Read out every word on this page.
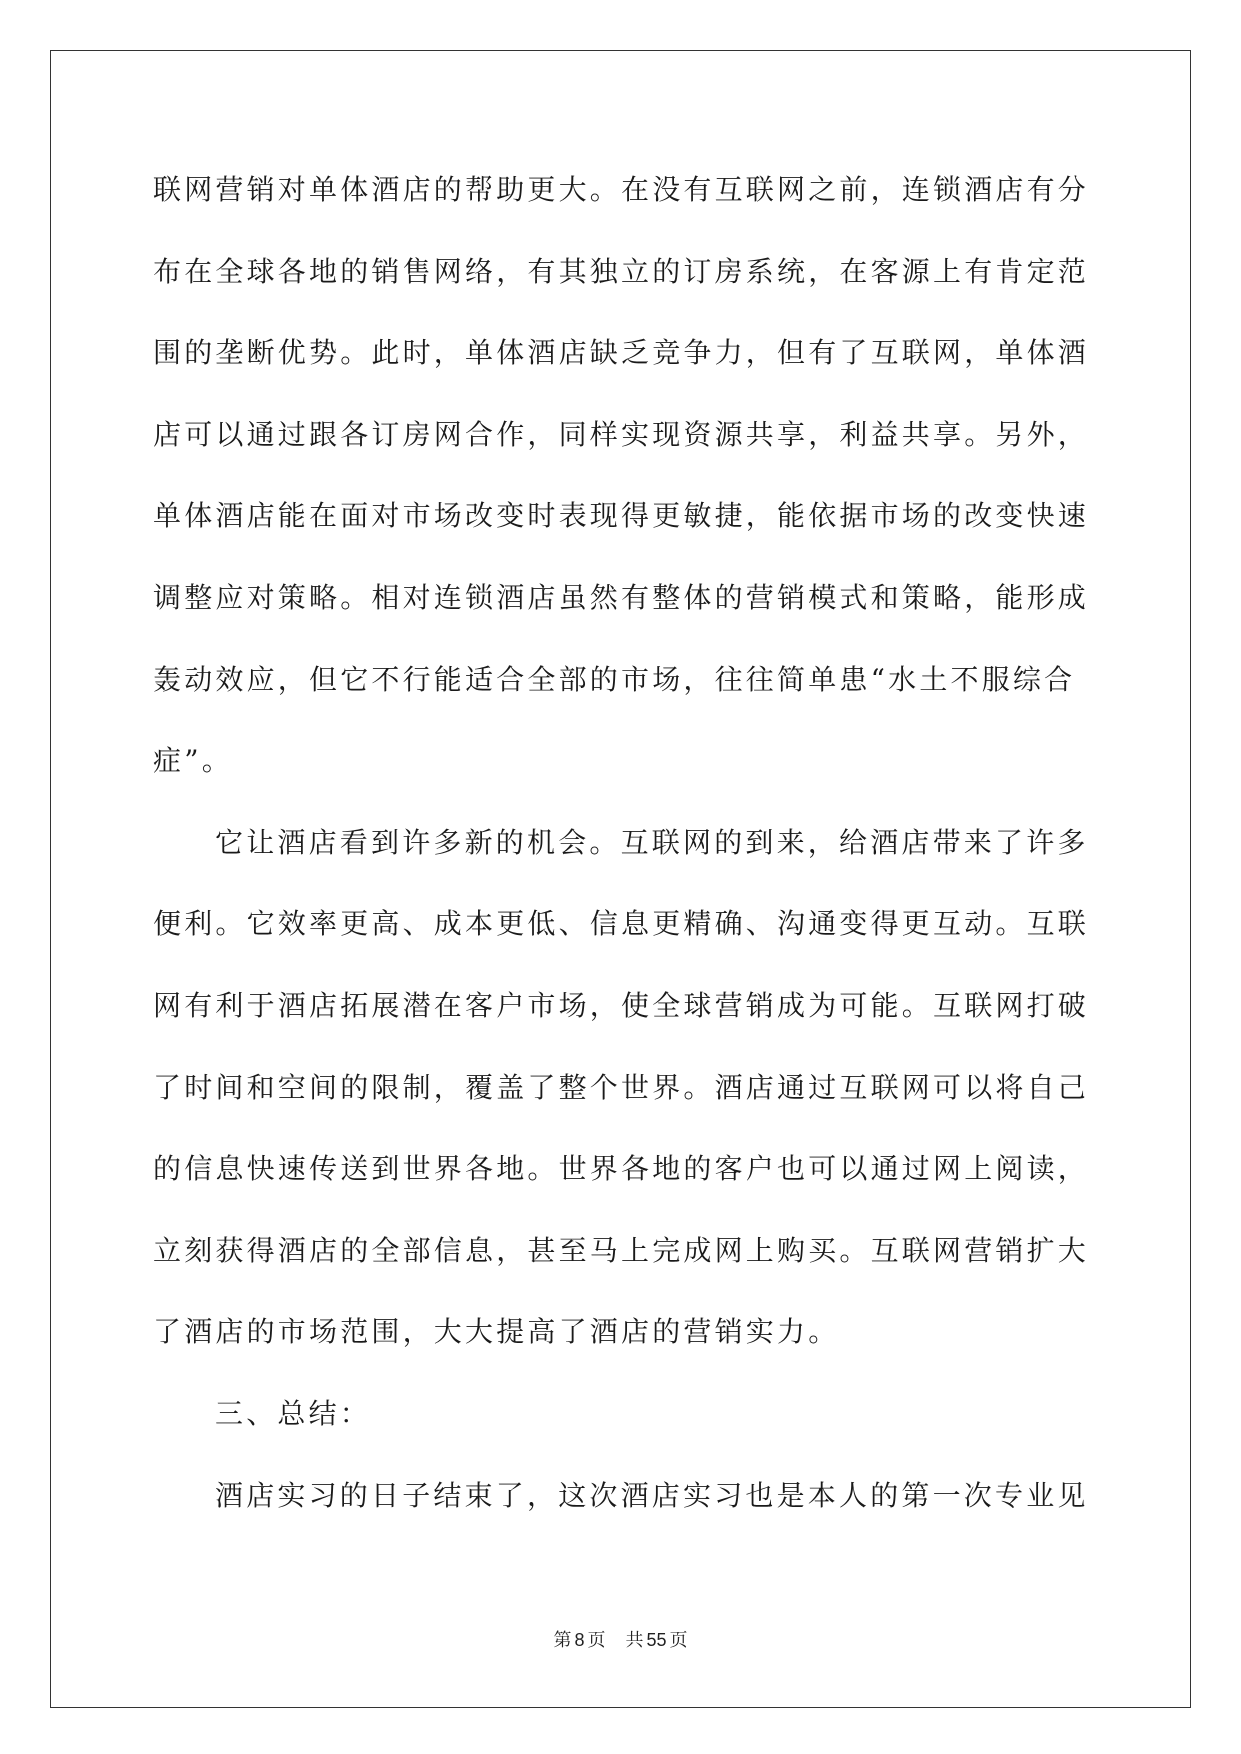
联网营销对单体酒店的帮助更大。在没有互联网之前，连锁酒店有分
布在全球各地的销售网络，有其独立的订房系统，在客源上有肯定范
围的垄断优势。此时，单体酒店缺乏竞争力，但有了互联网，单体酒
店可以通过跟各订房网合作，同样实现资源共享，利益共享。另外，
单体酒店能在面对市场改变时表现得更敏捷，能依据市场的改变快速
调整应对策略。相对连锁酒店虽然有整体的营销模式和策略，能形成
轰动效应，但它不行能适合全部的市场，往往简单患“水土不服综合
症”。
它让酒店看到许多新的机会。互联网的到来，给酒店带来了许多
便利。它效率更高、成本更低、信息更精确、沟通变得更互动。互联
网有利于酒店拓展潜在客户市场，使全球营销成为可能。互联网打破
了时间和空间的限制，覆盖了整个世界。酒店通过互联网可以将自己
的信息快速传送到世界各地。世界各地的客户也可以通过网上阅读，
立刻获得酒店的全部信息，甚至马上完成网上购买。互联网营销扩大
了酒店的市场范围，大大提高了酒店的营销实力。
三、总结：
酒店实习的日子结束了，这次酒店实习也是本人的第一次专业见
第 8 页 共 55 页
